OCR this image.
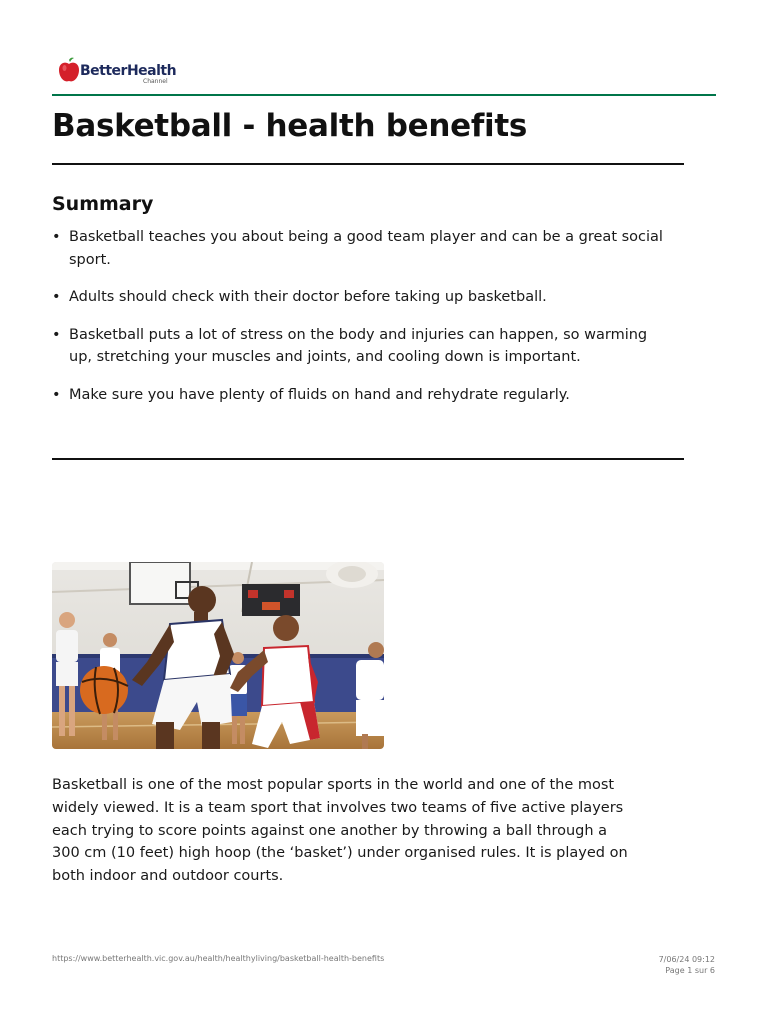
BetterHealth
Channel
Basketball - health benefits
Summary
• Basketball teaches you about being a good team player and can be a great social sport.
• Adults should check with their doctor before taking up basketball.
• Basketball puts a lot of stress on the body and injuries can happen, so warming up, stretching your muscles and joints, and cooling down is important.
• Make sure you have plenty of fluids on hand and rehydrate regularly.

Basketball is one of the most popular sports in the world and one of the most widely viewed. It is a team sport that involves two teams of five active players each trying to score points against one another by throwing a ball through a 300 cm (10 feet) high hoop (the ‘basket’) under organised rules. It is played on both indoor and outdoor courts.

https://www.betterhealth.vic.gov.au/health/healthyliving/basketball-health-benefits	7/06/24 09:12
Page 1 sur 6
